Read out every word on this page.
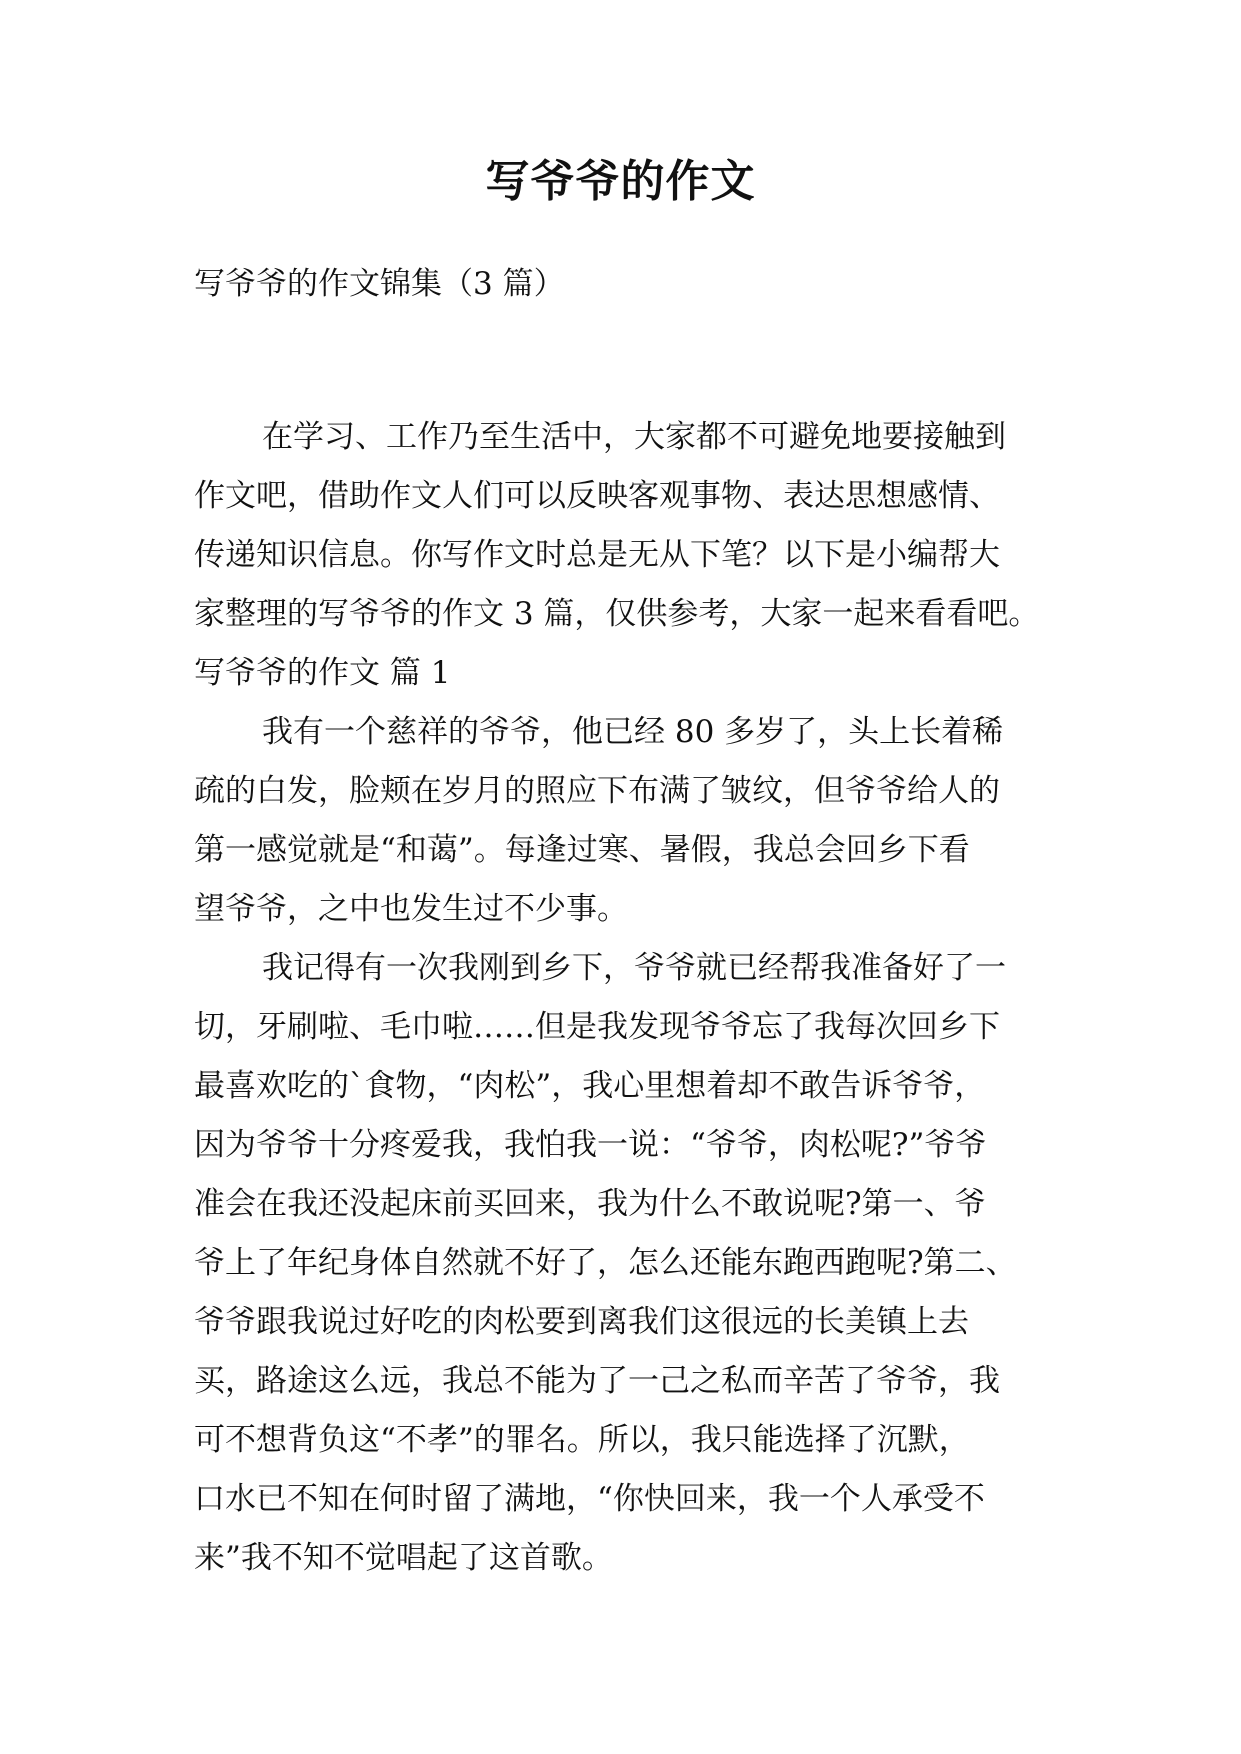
写爷爷的作文

写爷爷的作文锦集（3 篇）

在学习、工作乃至生活中，大家都不可避免地要接触到
作文吧，借助作文人们可以反映客观事物、表达思想感情、
传递知识信息。你写作文时总是无从下笔？以下是小编帮大
家整理的写爷爷的作文 3 篇，仅供参考，大家一起来看看吧。
写爷爷的作文 篇 1
我有一个慈祥的爷爷，他已经 80 多岁了，头上长着稀
疏的白发，脸颊在岁月的照应下布满了皱纹，但爷爷给人的
第一感觉就是“和蔼”。每逢过寒、暑假，我总会回乡下看
望爷爷，之中也发生过不少事。
我记得有一次我刚到乡下，爷爷就已经帮我准备好了一
切，牙刷啦、毛巾啦……但是我发现爷爷忘了我每次回乡下
最喜欢吃的`食物，“肉松”，我心里想着却不敢告诉爷爷，
因为爷爷十分疼爱我，我怕我一说：“爷爷，肉松呢?”爷爷
准会在我还没起床前买回来，我为什么不敢说呢?第一、爷
爷上了年纪身体自然就不好了，怎么还能东跑西跑呢?第二、
爷爷跟我说过好吃的肉松要到离我们这很远的长美镇上去
买，路途这么远，我总不能为了一己之私而辛苦了爷爷，我
可不想背负这“不孝”的罪名。所以，我只能选择了沉默，
口水已不知在何时留了满地，“你快回来，我一个人承受不
来”我不知不觉唱起了这首歌。
